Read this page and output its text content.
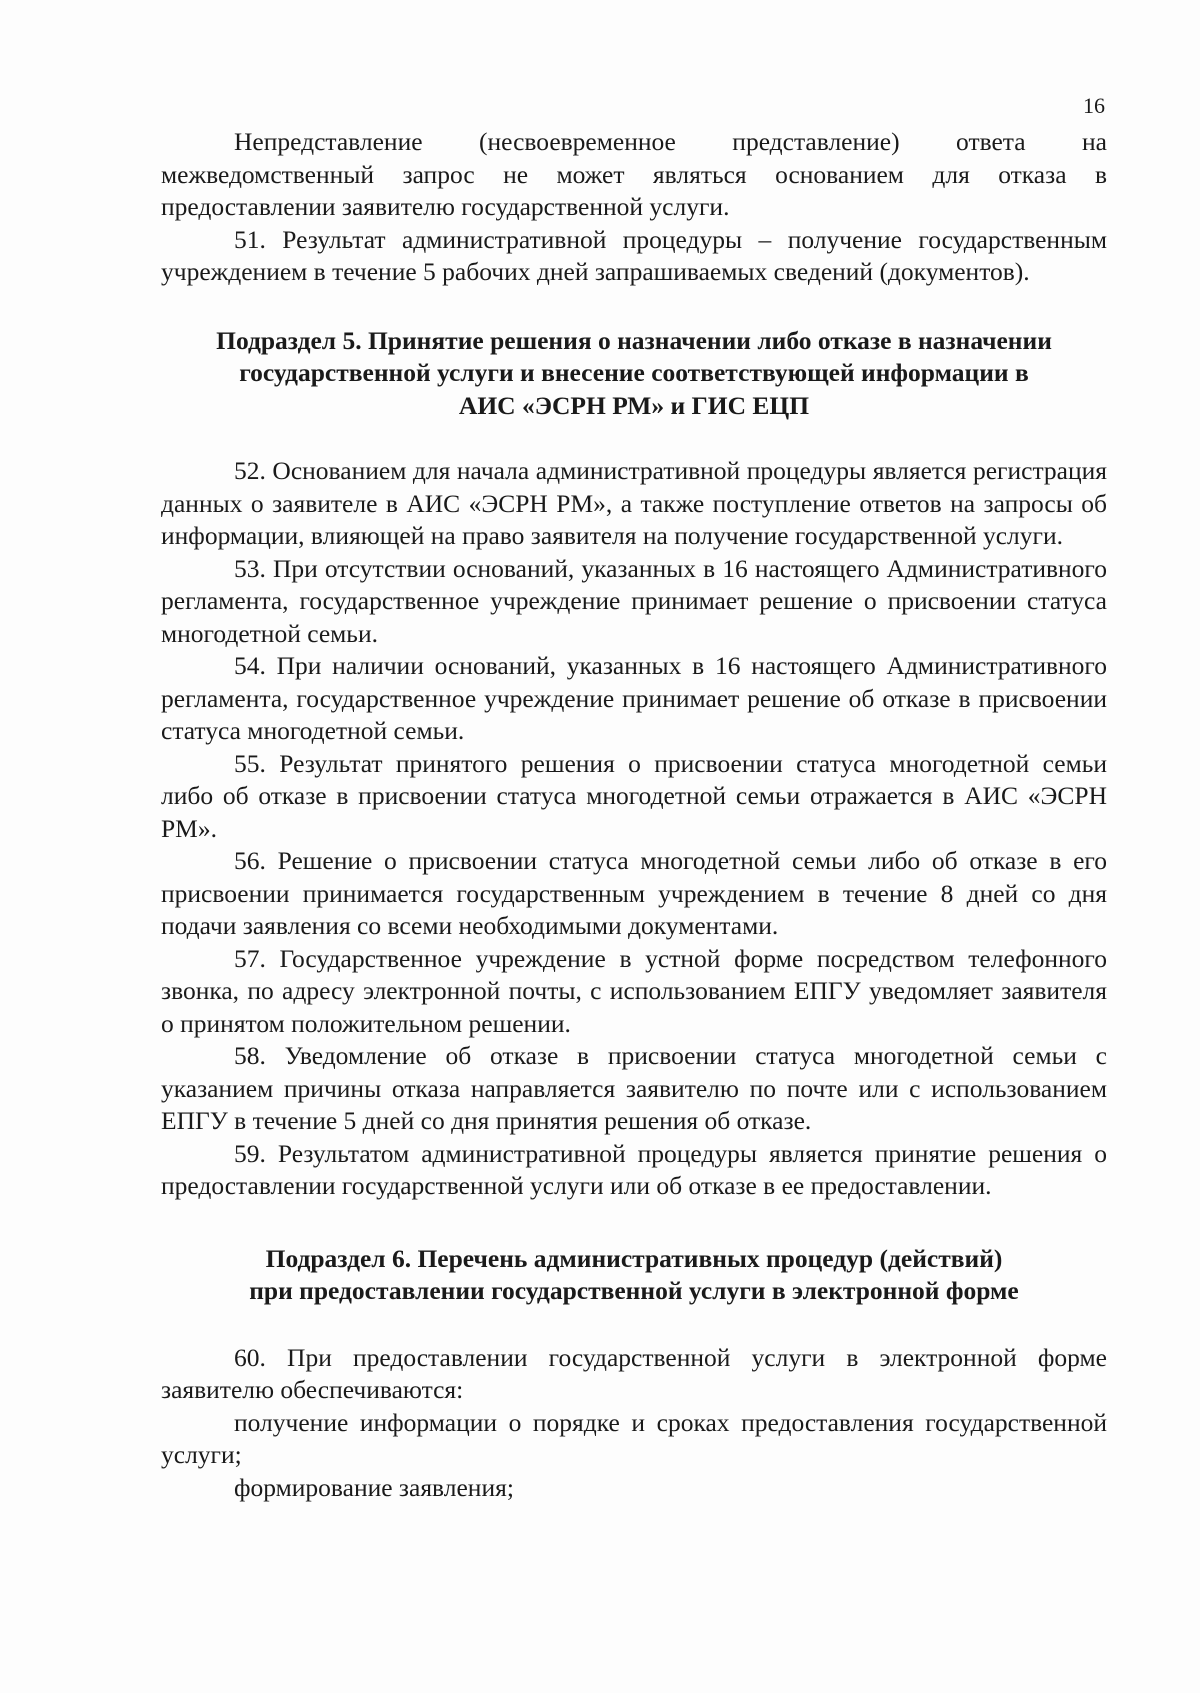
16

Непредставление (несвоевременное представление) ответа на межведомственный запрос не может являться основанием для отказа в предоставлении заявителю государственной услуги.

51. Результат административной процедуры – получение государственным учреждением в течение 5 рабочих дней запрашиваемых сведений (документов).

Подраздел 5. Принятие решения о назначении либо отказе в назначении

государственной услуги и внесение соответствующей информации в

АИС «ЭСРН РМ» и ГИС ЕЦП

52. Основанием для начала административной процедуры является регистрация данных о заявителе в АИС «ЭСРН РМ», а также поступление ответов на запросы об информации, влияющей на право заявителя на получение государственной услуги.

53. При отсутствии оснований, указанных в 16 настоящего Административного регламента, государственное учреждение принимает решение о присвоении статуса многодетной семьи.

54. При наличии оснований, указанных в 16 настоящего Административного регламента, государственное учреждение принимает решение об отказе в присвоении статуса многодетной семьи.

55. Результат принятого решения о присвоении статуса многодетной семьи либо об отказе в присвоении статуса многодетной семьи отражается в АИС «ЭСРН РМ».

56. Решение о присвоении статуса многодетной семьи либо об отказе в его присвоении принимается государственным учреждением в течение 8 дней со дня подачи заявления со всеми необходимыми документами.

57. Государственное учреждение в устной форме посредством телефонного звонка, по адресу электронной почты, с использованием ЕПГУ уведомляет заявителя о принятом положительном решении.

58. Уведомление об отказе в присвоении статуса многодетной семьи с указанием причины отказа направляется заявителю по почте или с использованием ЕПГУ в течение 5 дней со дня принятия решения об отказе.

59. Результатом административной процедуры является принятие решения о предоставлении государственной услуги или об отказе в ее предоставлении.

Подраздел 6. Перечень административных процедур (действий)

при предоставлении государственной услуги в электронной форме

60. При предоставлении государственной услуги в электронной форме заявителю обеспечиваются:

получение информации о порядке и сроках предоставления государственной услуги;

формирование заявления;
